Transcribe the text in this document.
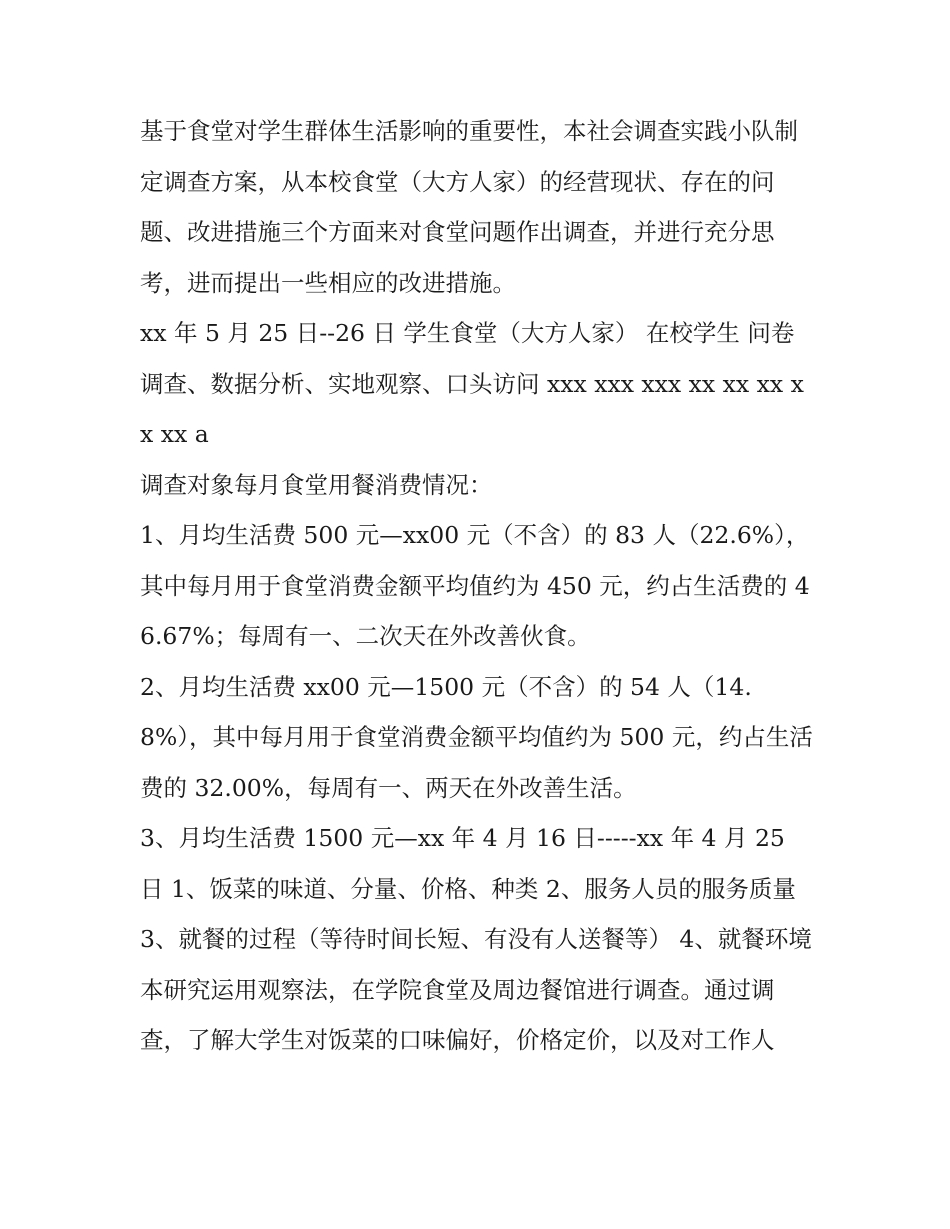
基于食堂对学生群体生活影响的重要性，本社会调查实践小队制定调查方案，从本校食堂（大方人家）的经营现状、存在的问题、改进措施三个方面来对食堂问题作出调查，并进行充分思考，进而提出一些相应的改进措施。

xx 年 5 月 25 日--26 日 学生食堂（大方人家） 在校学生 问卷调查、数据分析、实地观察、口头访问 xxx xxx xxx xx xx xx xx xx a

调查对象每月食堂用餐消费情况：

1、月均生活费 500 元—xx00 元（不含）的 83 人（22.6%），其中每月用于食堂消费金额平均值约为 450 元，约占生活费的 46.67%；每周有一、二次天在外改善伙食。

2、月均生活费 xx00 元—1500 元（不含）的 54 人（14.8%），其中每月用于食堂消费金额平均值约为 500 元，约占生活费的 32.00%，每周有一、两天在外改善生活。

3、月均生活费 1500 元—xx 年 4 月 16 日-----xx 年 4 月 25 日 1、饭菜的味道、分量、价格、种类 2、服务人员的服务质量

3、就餐的过程（等待时间长短、有没有人送餐等） 4、就餐环境

本研究运用观察法，在学院食堂及周边餐馆进行调查。通过调查，了解大学生对饭菜的口味偏好，价格定价，以及对工作人
